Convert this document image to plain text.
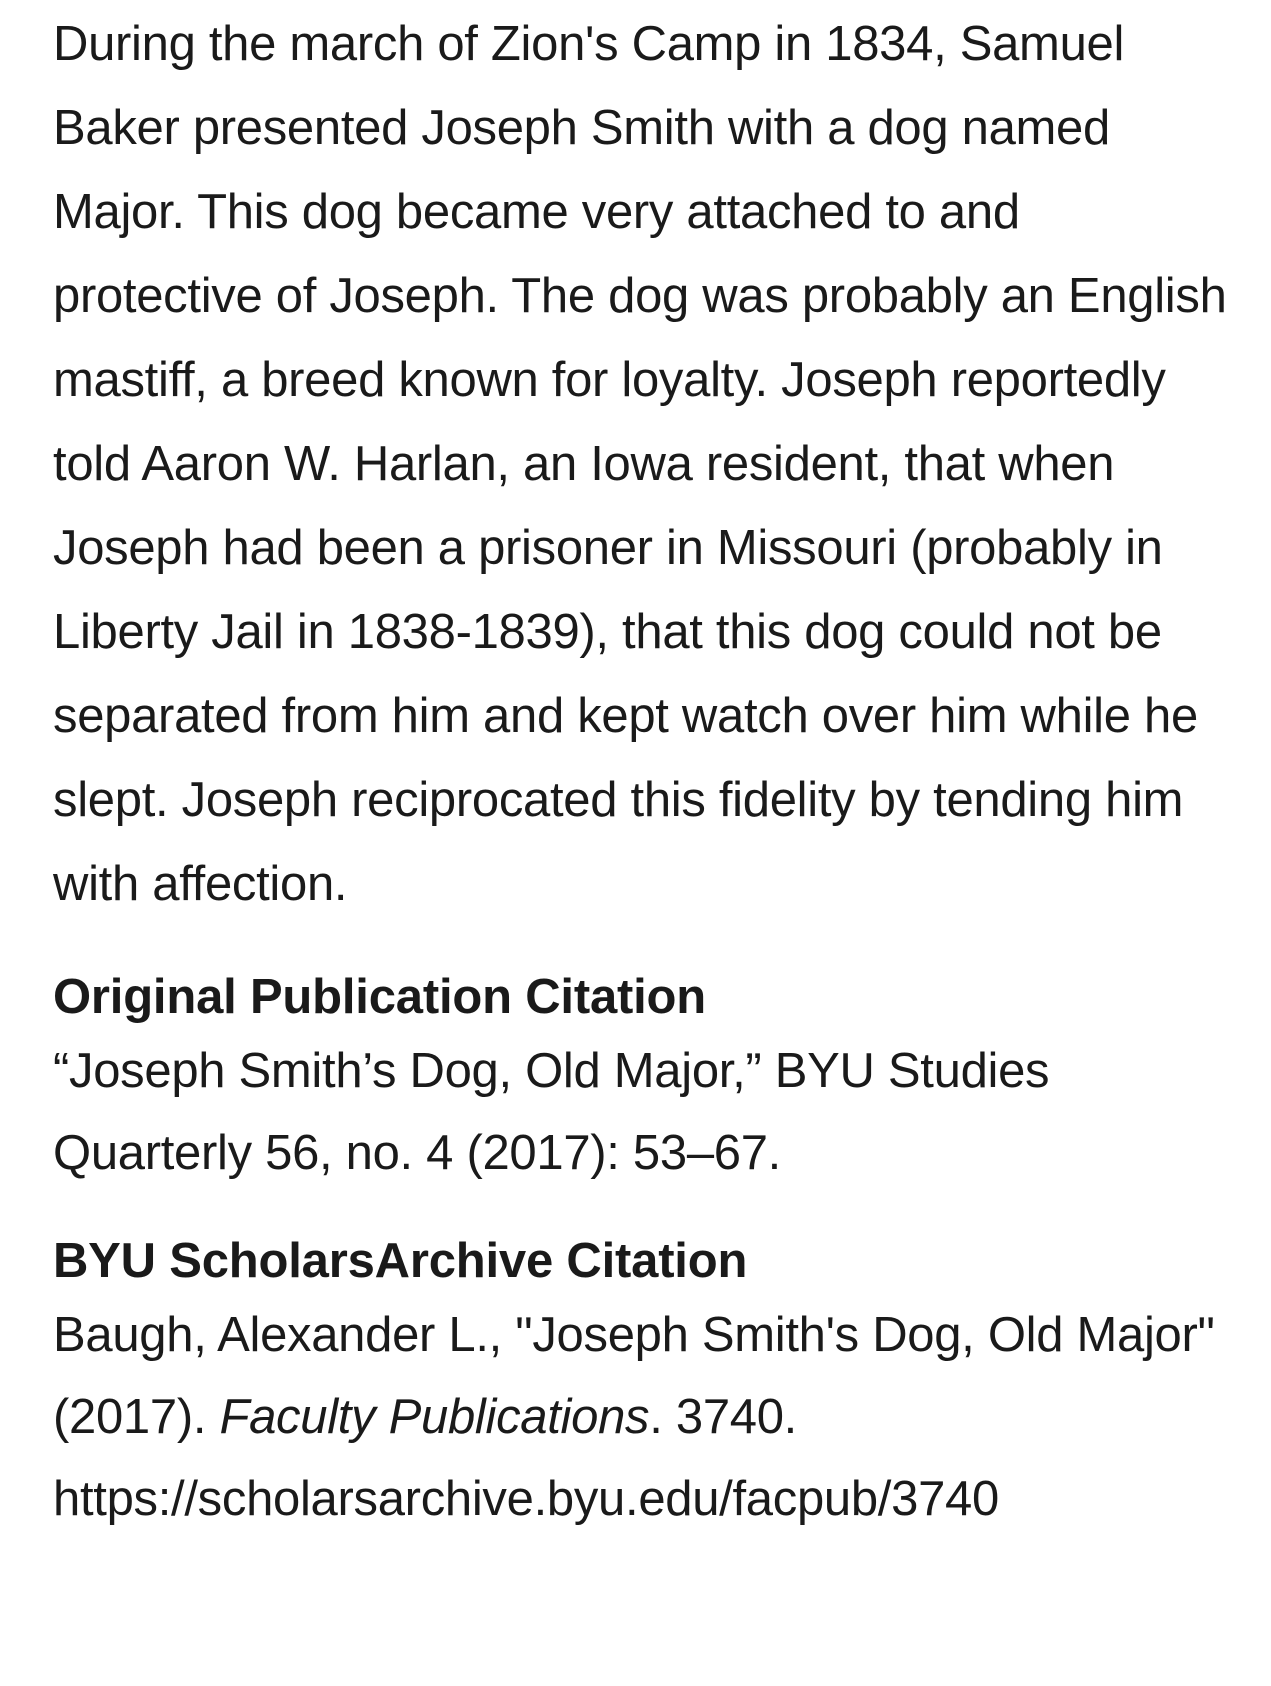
During the march of Zion's Camp in 1834, Samuel Baker presented Joseph Smith with a dog named Major. This dog became very attached to and protective of Joseph. The dog was probably an English mastiff, a breed known for loyalty. Joseph reportedly told Aaron W. Harlan, an Iowa resident, that when Joseph had been a prisoner in Missouri (probably in Liberty Jail in 1838-1839), that this dog could not be separated from him and kept watch over him while he slept. Joseph reciprocated this fidelity by tending him with affection.

Original Publication Citation

“Joseph Smith’s Dog, Old Major,” BYU Studies Quarterly 56, no. 4 (2017): 53–67.

BYU ScholarsArchive Citation

Baugh, Alexander L., "Joseph Smith's Dog, Old Major" (2017). Faculty Publications. 3740.
https://scholarsarchive.byu.edu/facpub/3740
